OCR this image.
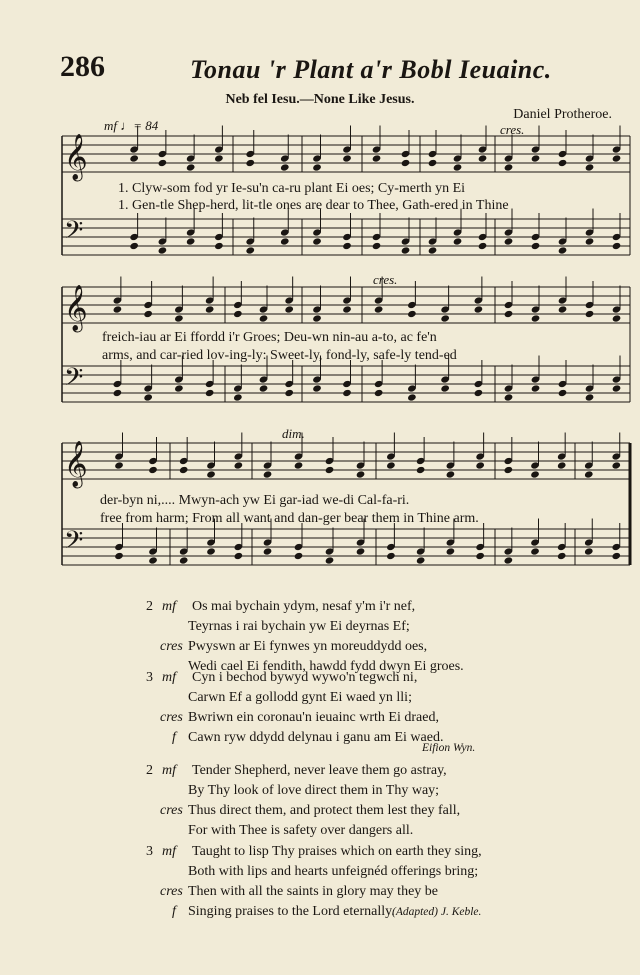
286	Tonau 'r Plant a'r Bobl Ieuainc.
Neb fel Iesu.—None Like Jesus.
Daniel Protheroe.
𝄞
𝄢
𝄞
𝄢
𝄞
𝄢
mf ♩= 84	cres.
cres.
dim.
1. Clyw-som fod yr Ie-su'n ca-ru plant Ei oes; Cy-merth yn Ei
1. Gen-tle Shep-herd, lit-tle ones are dear to Thee, Gath-ered in Thine
freich-iau ar Ei ffordd i'r Groes; Deu-wn nin-au a-to, ac fe'n
arms, and car-ried lov-ing-ly: Sweet-ly, fond-ly, safe-ly tend-ed
der-byn ni,.... Mwyn-ach yw Ei gar-iad we-di Cal-fa-ri.
free from harm; From all want and dan-ger bear them in Thine arm.
2 mf Os mai bychain ydym, nesaf y'm i'r nef,
Teyrnas i rai bychain yw Ei deyrnas Ef;
cres Pwyswn ar Ei fynwes yn moreuddydd oes,
Wedi cael Ei fendith, hawdd fydd dwyn Ei groes.
3 mf Cyn i bechod bywyd wywo'n tegwch ni,
Carwn Ef a gollodd gynt Ei waed yn lli;
cres Bwriwn ein coronau'n ieuainc wrth Ei draed,
f Cawn ryw ddydd delynau i ganu am Ei waed.
Eifion Wyn.
2 mf Tender Shepherd, never leave them go astray,
By Thy look of love direct them in Thy way;
cres Thus direct them, and protect them lest they fall,
For with Thee is safety over dangers all.
3 mf Taught to lisp Thy praises which on earth they sing,
Both with lips and hearts unfeignéd offerings bring;
cres Then with all the saints in glory may they be
f Singing praises to the Lord eternally.
(Adapted) J. Keble.
